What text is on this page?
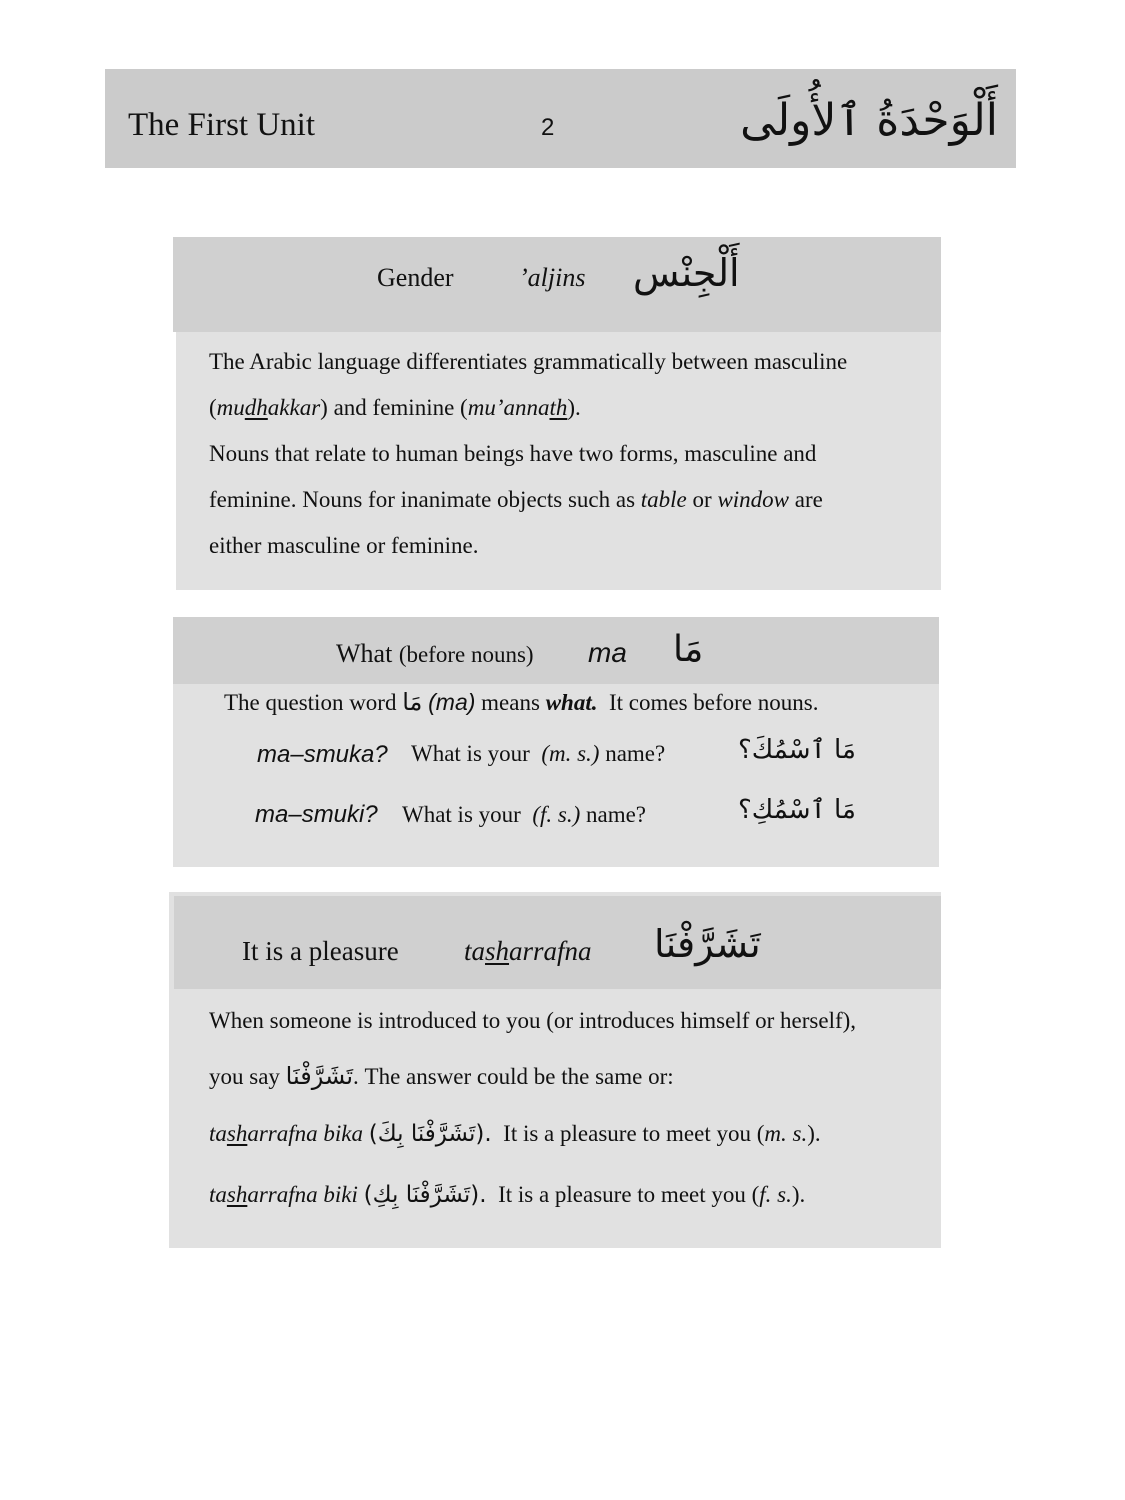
The First Unit	2	أَلْوَحْدَةُ ٱلأُولَى
Gender	’aljins أَلْجِنْس
The Arabic language differentiates grammatically between masculine
(mudhakkar) and feminine (mu’annath).
Nouns that relate to human beings have two forms, masculine and
feminine. Nouns for inanimate objects such as table or window are
either masculine or feminine.
What (before nouns) ma مَا
The question word مَا (ma) means what. It comes before nouns.
ma–smuka? What is your (m. s.) name?	مَا ٱسْمُكَ؟
ma–smuki? What is your (f. s.) name?	مَا ٱسْمُكِ؟
It is a pleasure tasharrafna تَشَرَّفْنَا
When someone is introduced to you (or introduces himself or herself),
you say تَشَرَّفْنَا. The answer could be the same or:
tasharrafna bika (تَشَرَّفْنَا بِكَ). It is a pleasure to meet you (m. s.).
tasharrafna biki (تَشَرَّفْنَا بِكِ). It is a pleasure to meet you (f. s.).
